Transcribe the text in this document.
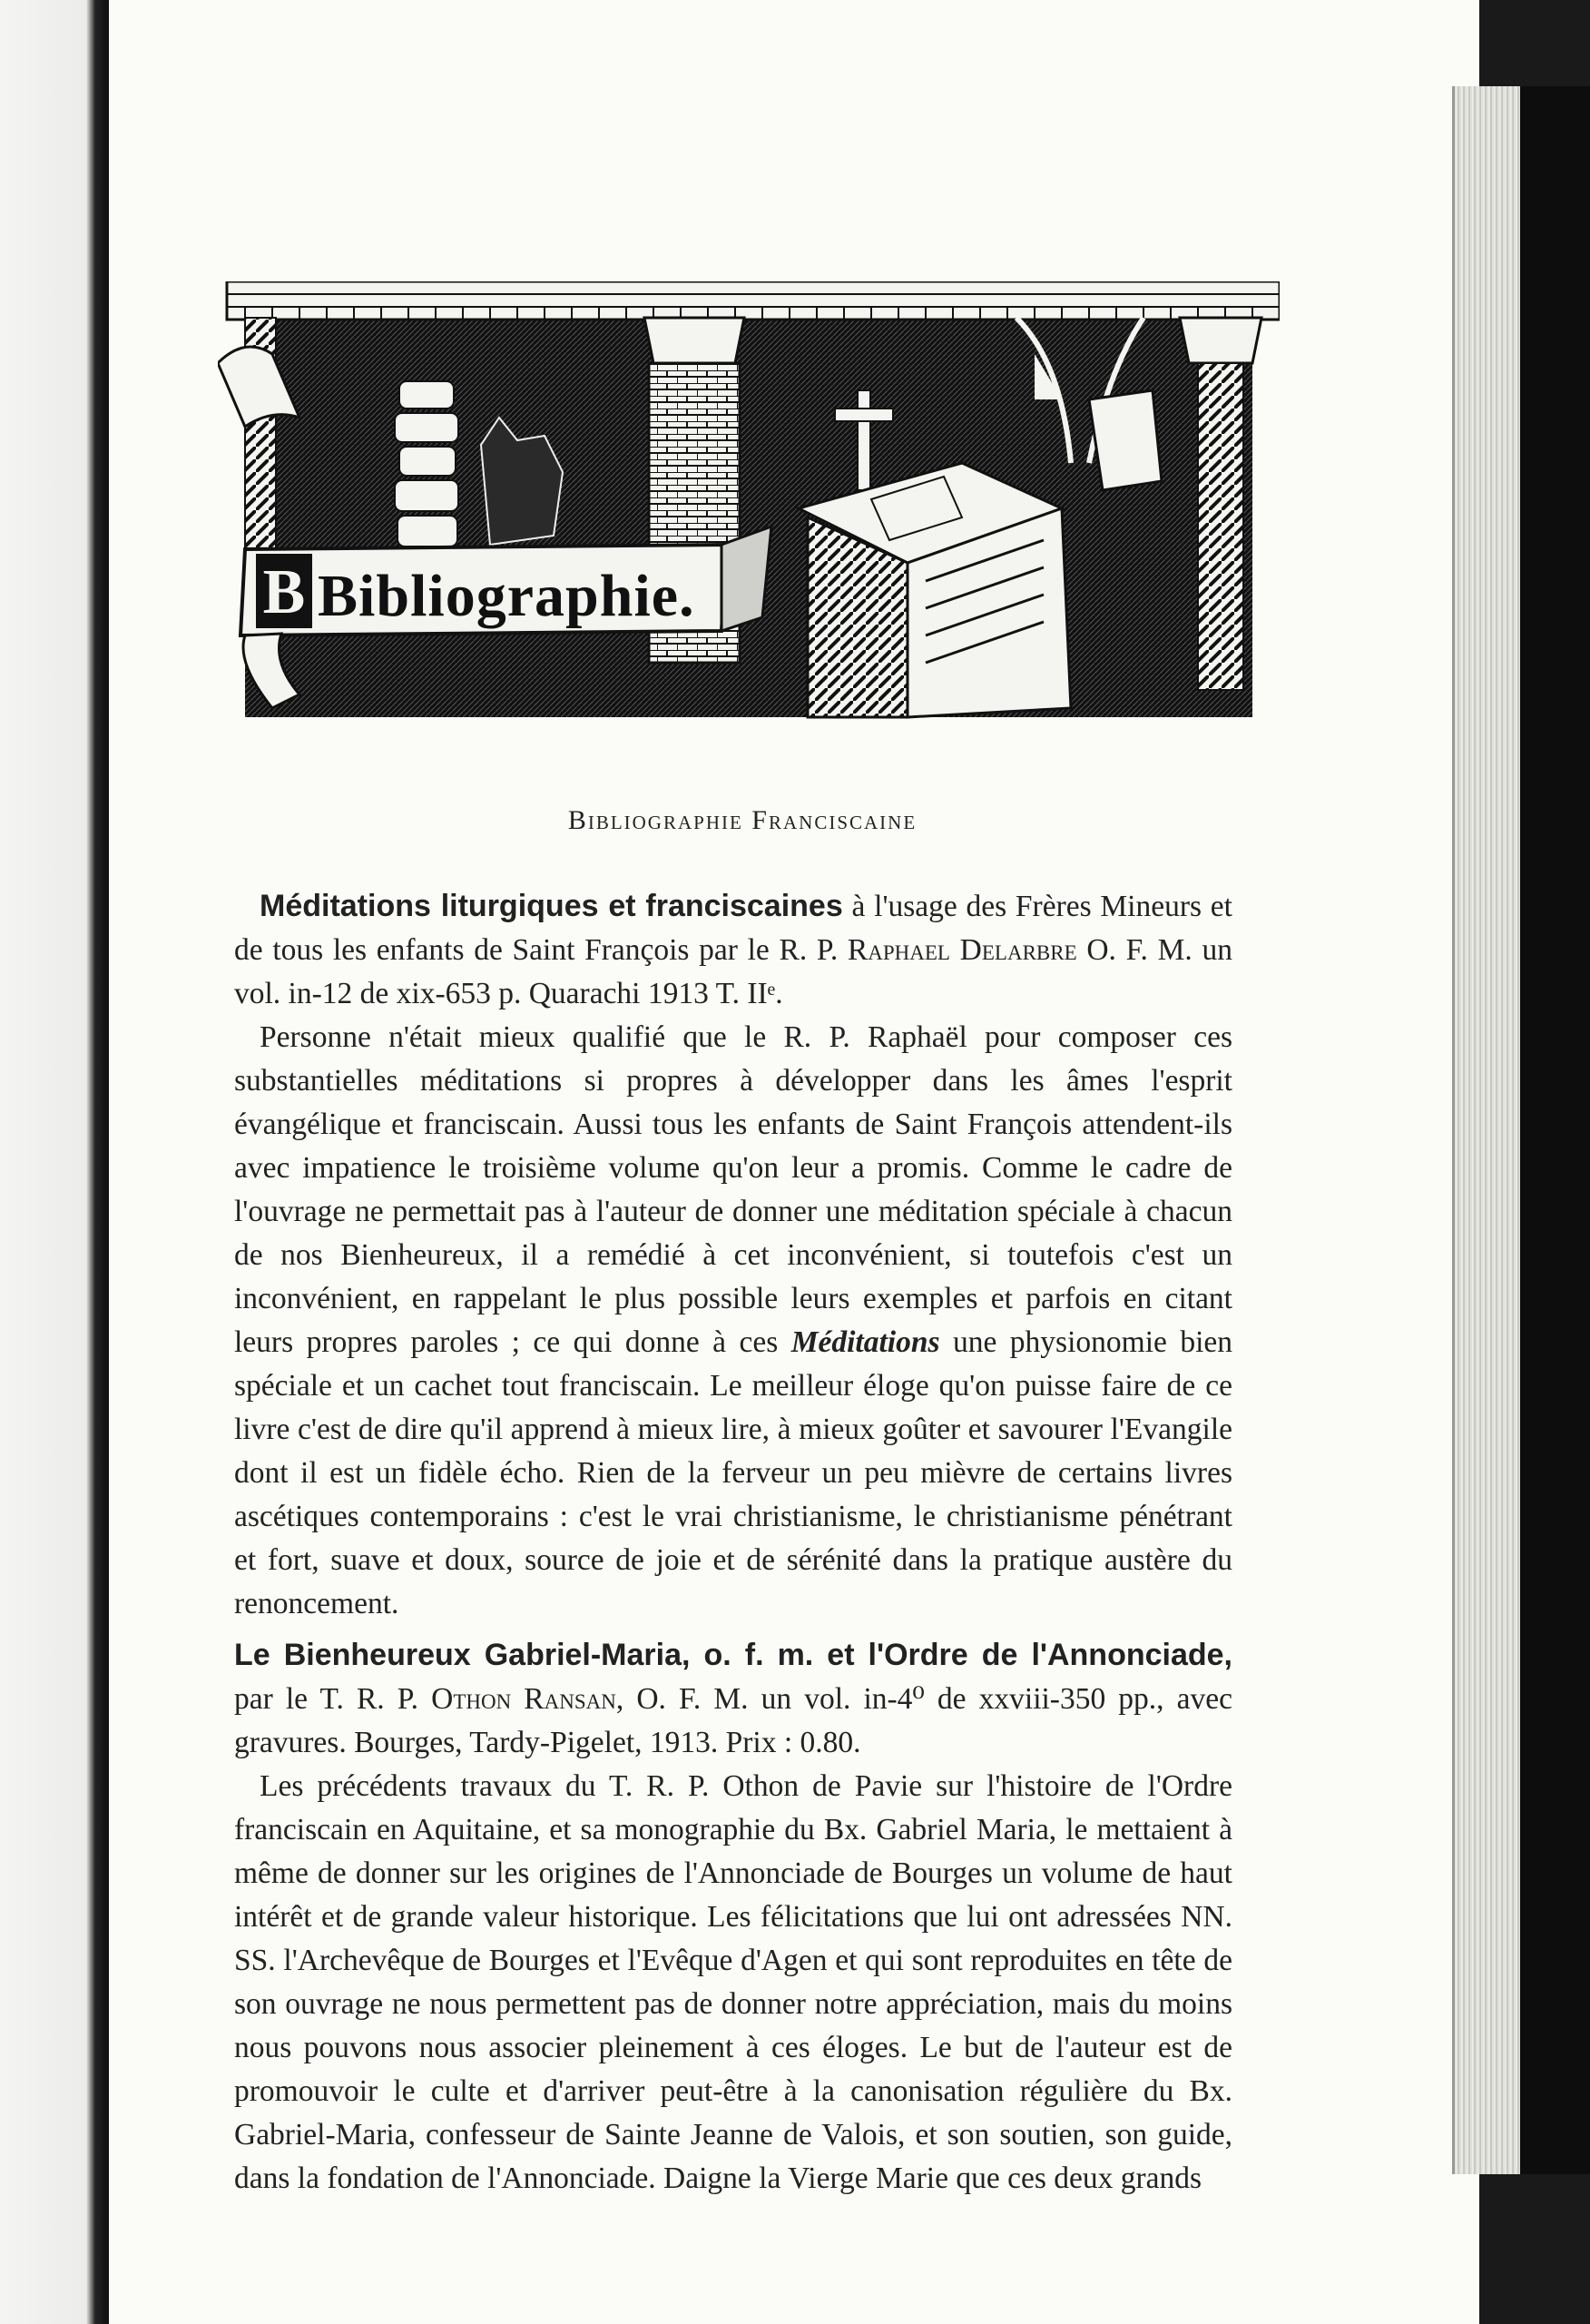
B Bibliographie.
Bibliographie Franciscaine

Méditations liturgiques et franciscaines à l'usage des Frères Mineurs et de tous les enfants de Saint François par le R. P. Raphael Delarbre O. F. M. un vol. in-12 de xix-653 p. Quarachi 1913 T. IIᵉ.

Personne n'était mieux qualifié que le R. P. Raphaël pour composer ces substantielles méditations si propres à développer dans les âmes l'esprit évangélique et franciscain. Aussi tous les enfants de Saint François attendent-ils avec impatience le troisième volume qu'on leur a promis. Comme le cadre de l'ouvrage ne permettait pas à l'auteur de donner une méditation spéciale à chacun de nos Bienheureux, il a remédié à cet inconvénient, si toutefois c'est un inconvénient, en rappelant le plus possible leurs exemples et parfois en citant leurs propres paroles ; ce qui donne à ces Méditations une physionomie bien spéciale et un cachet tout franciscain. Le meilleur éloge qu'on puisse faire de ce livre c'est de dire qu'il apprend à mieux lire, à mieux goûter et savourer l'Evangile dont il est un fidèle écho. Rien de la ferveur un peu mièvre de certains livres ascétiques contemporains : c'est le vrai christianisme, le christianisme pénétrant et fort, suave et doux, source de joie et de sérénité dans la pratique austère du renoncement.

Le Bienheureux Gabriel-Maria, o. f. m. et l'Ordre de l'Annonciade, par le T. R. P. Othon Ransan, O. F. M. un vol. in-4⁰ de xxviii-350 pp., avec gravures. Bourges, Tardy-Pigelet, 1913. Prix : 0.80.

Les précédents travaux du T. R. P. Othon de Pavie sur l'histoire de l'Ordre franciscain en Aquitaine, et sa monographie du Bx. Gabriel Maria, le mettaient à même de donner sur les origines de l'Annonciade de Bourges un volume de haut intérêt et de grande valeur historique. Les félicitations que lui ont adressées NN. SS. l'Archevêque de Bourges et l'Evêque d'Agen et qui sont reproduites en tête de son ouvrage ne nous permettent pas de donner notre appréciation, mais du moins nous pouvons nous associer pleinement à ces éloges. Le but de l'auteur est de promouvoir le culte et d'arriver peut-être à la canonisation régulière du Bx. Gabriel-Maria, confesseur de Sainte Jeanne de Valois, et son soutien, son guide, dans la fondation de l'Annonciade. Daigne la Vierge Marie que ces deux grands
